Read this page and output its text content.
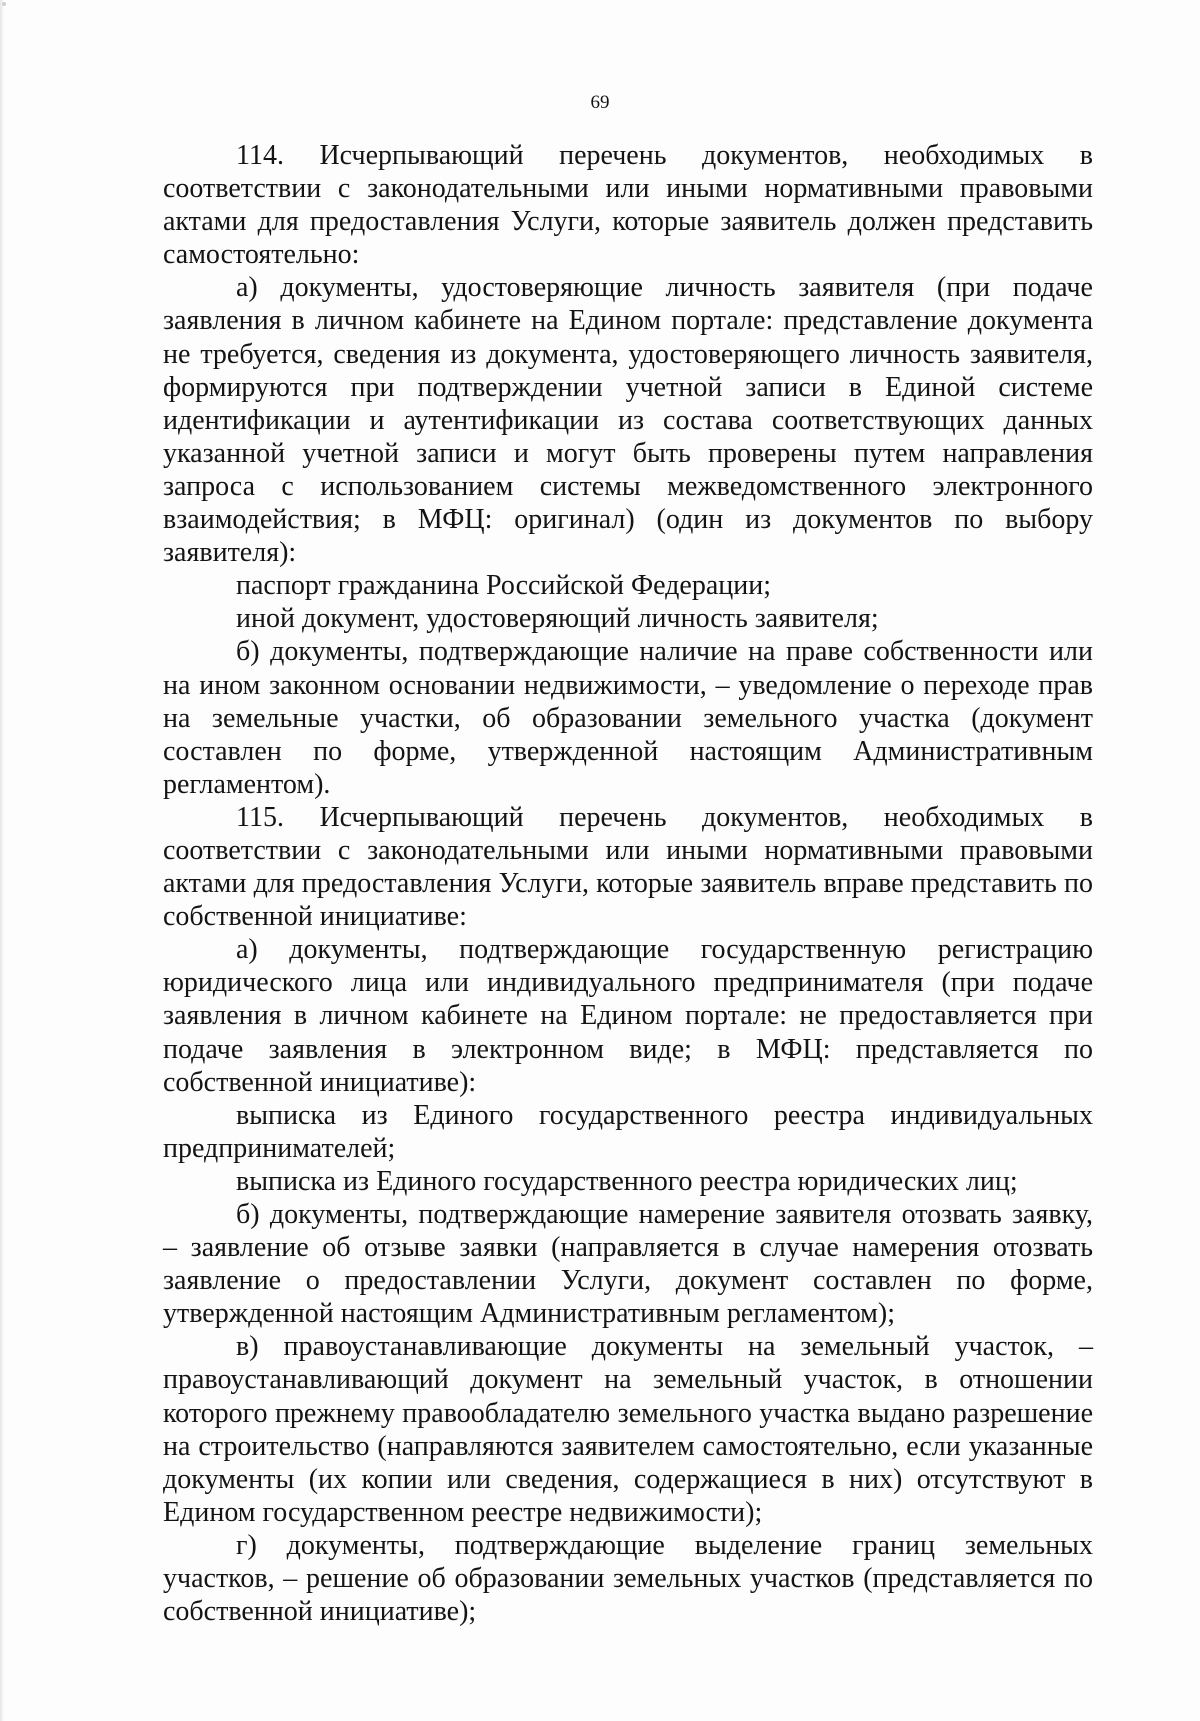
69

114. Исчерпывающий перечень документов, необходимых в соответствии с законодательными или иными нормативными правовыми актами для предоставления Услуги, которые заявитель должен представить самостоятельно:

а) документы, удостоверяющие личность заявителя (при подаче заявления в личном кабинете на Едином портале: представление документа не требуется, сведения из документа, удостоверяющего личность заявителя, формируются при подтверждении учетной записи в Единой системе идентификации и аутентификации из состава соответствующих данных указанной учетной записи и могут быть проверены путем направления запроса с использованием системы межведомственного электронного взаимодействия; в МФЦ: оригинал) (один из документов по выбору заявителя):

паспорт гражданина Российской Федерации;

иной документ, удостоверяющий личность заявителя;

б) документы, подтверждающие наличие на праве собственности или на ином законном основании недвижимости, – уведомление о переходе прав на земельные участки, об образовании земельного участка (документ составлен по форме, утвержденной настоящим Административным регламентом).

115. Исчерпывающий перечень документов, необходимых в соответствии с законодательными или иными нормативными правовыми актами для предоставления Услуги, которые заявитель вправе представить по собственной инициативе:

а) документы, подтверждающие государственную регистрацию юридического лица или индивидуального предпринимателя (при подаче заявления в личном кабинете на Едином портале: не предоставляется при подаче заявления в электронном виде; в МФЦ: представляется по собственной инициативе):

выписка из Единого государственного реестра индивидуальных предпринимателей;

выписка из Единого государственного реестра юридических лиц;

б) документы, подтверждающие намерение заявителя отозвать заявку, – заявление об отзыве заявки (направляется в случае намерения отозвать заявление о предоставлении Услуги, документ составлен по форме, утвержденной настоящим Административным регламентом);

в) правоустанавливающие документы на земельный участок, – правоустанавливающий документ на земельный участок, в отношении которого прежнему правообладателю земельного участка выдано разрешение на строительство (направляются заявителем самостоятельно, если указанные документы (их копии или сведения, содержащиеся в них) отсутствуют в Едином государственном реестре недвижимости);

г) документы, подтверждающие выделение границ земельных участков, – решение об образовании земельных участков (представляется по собственной инициативе);
